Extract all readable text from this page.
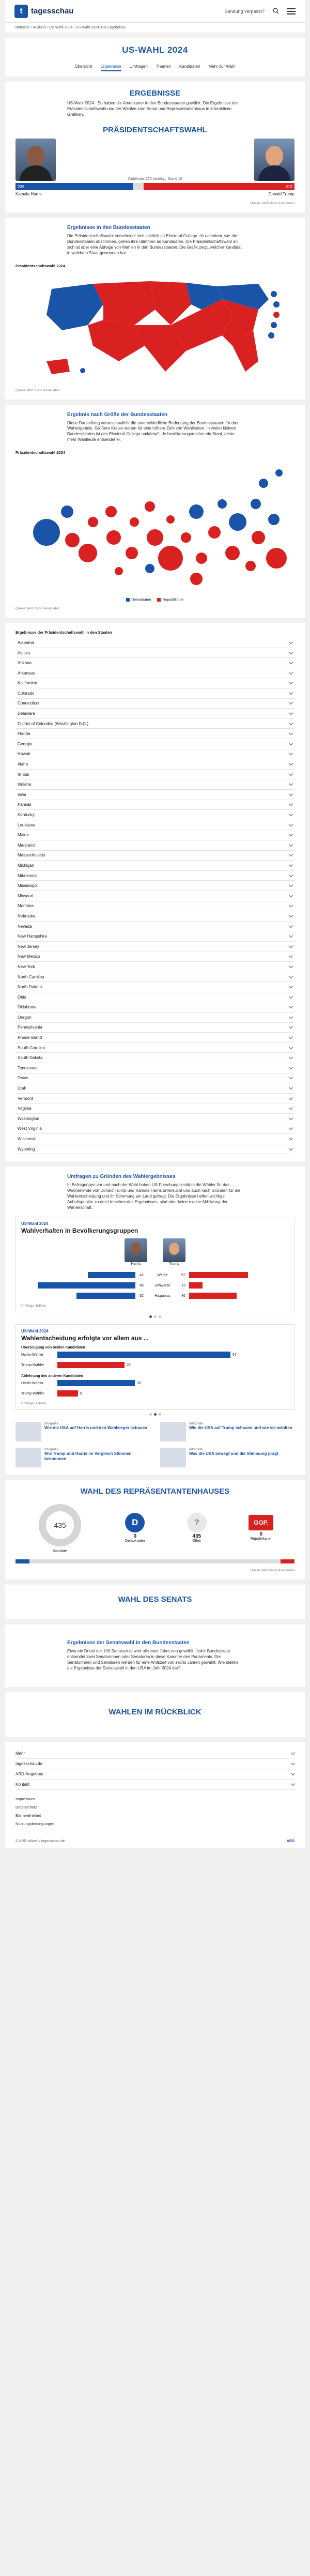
t	tagesschau	Sendung verpasst?
Startseite › Ausland › US-Wahl 2024 › US-Wahl 2024: Die Ergebnisse
US-WAHL 2024
Übersicht Ergebnisse Umfragen Themen Kandidaten Mehr zur Wahl
ERGEBNISSE

US-Wahl 2024 - So haben die Amerikaner in den Bundesstaaten gewählt. Die Ergebnisse der Präsidentschaftswahl und der Wahlen zum Senat und Repräsentantenhaus in interaktiven Grafiken.

PRÄSIDENTSCHAFTSWAHL
Wahlleute, 270 benötigt, Stand 16
226	312
Kamala Harris	Donald Trump
Quelle: AP/Edison Associated
Ergebnisse in den Bundesstaaten

Die Präsidentschaftswahl entscheidet sich letztlich im Electoral College. Je nachdem, wie die Bundesstaaten abstimmen, gehen ihre Stimmen an Kandidaten. Die Präsidentschaftswahl an sich ist aber eine Abfolge von Wahlen in den Bundesstaaten. Die Grafik zeigt, welcher Kandidat in welchem Staat gewonnen hat.

Präsidentschaftswahl 2024
Quelle: AP/Edison Associated
Ergebnis nach Größe der Bundesstaaten

Diese Darstellung veranschaulicht die unterschiedliche Bedeutung der Bundesstaaten für das Wahlergebnis. Größere Kreise stehen für eine höhere Zahl von Wahlleuten. In vielen kleinen Bundesstaaten ist das Electoral College umkämpft. Je bevölkerungsreicher ein Staat, desto mehr Wahlleute entsendet er.

Präsidentschaftswahl 2024
Demokraten	Republikaner
Quelle: AP/Edison Associated
Ergebnisse der Präsidentschaftswahl in den Staaten
Alabama
Alaska
Arizona
Arkansas
Kalifornien
Colorado
Connecticut
Delaware
District of Columbia (Washington D.C.)
Florida
Georgia
Hawaii
Idaho
Illinois
Indiana
Iowa
Kansas
Kentucky
Louisiana
Maine
Maryland
Massachusetts
Michigan
Minnesota
Mississippi
Missouri
Montana
Nebraska
Nevada
New Hampshire
New Jersey
New Mexico
New York
North Carolina
North Dakota
Ohio
Oklahoma
Oregon
Pennsylvania
Rhode Island
South Carolina
South Dakota
Tennessee
Texas
Utah
Vermont
Virginia
Washington
West Virginia
Wisconsin
Wyoming
Umfragen zu Gründen des Wahlergebnisses

In Befragungen vor und nach der Wahl haben US-Forschungsinstitute die Wähler für das Wochenende von Donald Trump und Kamala Harris untersucht und auch nach Gründen für die Wahlentscheidung und ihr Stimmung am Land gefragt. Die Ergebnisse helfen wichtige Anhaltspunkte zu den Ursachen des Ergebnisses, sind aber keine exakte Abbildung der Wählerschaft.

US-Wahl 2024
Wahlverhalten in Bevölkerungsgruppen
Harris	Trump
42	Weiße	57
86	Schwarze	13
52	Hispanics	46
Umfrage: Edison
US-Wahl 2024
Wahlentscheidung erfolgte vor allem aus ...
Überzeugung von beiden Kandidaten
Harris-Wähler	67
Trump-Wähler	26
Ablehnung des anderen Kandidaten
Harris-Wähler	30
Trump-Wähler	8
Umfrage: Edison
Infografik
Wie die USA auf Harris und den Wahlsieger schauen
Infografik
Wie die USA auf Trump schauen und wie sie wählten
Infografik
Wie Trump und Harris im Vergleich Stimmen bekommen
Infografik
Was die USA bewegt und die Stimmung prägt
WAHL DES REPRÄSENTANTENHAUSES
435
Mandate
D
0
Demokraten
?
435
Offen
GOP.
0
Republikaner
Quelle: AP/Edison Associated
WAHL DES SENATS
Ergebnisse der Senatswahl in den Bundesstaaten

Etwa ein Drittel der 100 Senatssitze wird alle zwei Jahre neu gewählt. Jeder Bundesstaat entsendet zwei Senatorinnen oder Senatoren in diese Kammer des Parlaments. Die Senatorinnen und Senatoren werden für eine Amtszeit von sechs Jahren gewählt. Wie stellen die Ergebnisse der Senatswahl in den USA im Jahr 2024 dar?

WAHLEN IM RÜCKBLICK
Mehr
tagesschau.de
ARD-Angebote
Kontakt
Impressum
Datenschutz
Barrierefreiheit
Nutzungsbedingungen
© ARD-aktuell / tagesschau.de	ARD
